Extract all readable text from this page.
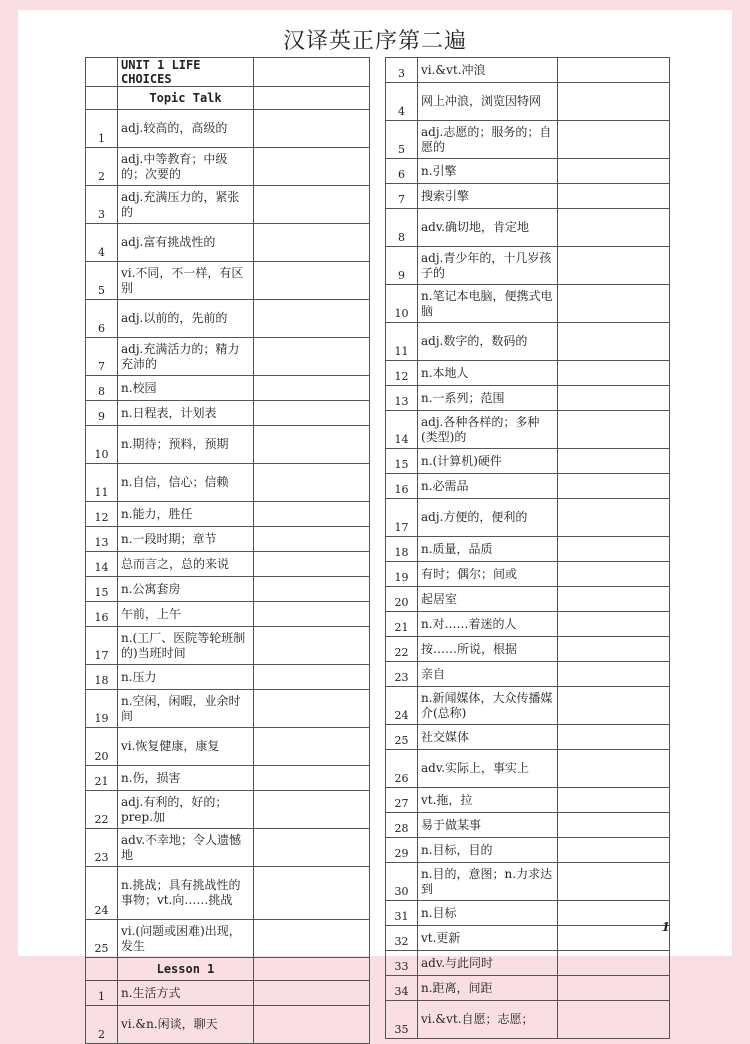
汉译英正序第二遍
	UNIT 1 LIFE CHOICES	
	Topic Talk	
1	adj.较高的，高级的	
2	adj.中等教育；中级的；次要的	
3	adj.充满压力的，紧张的	
4	adj.富有挑战性的	
5	vi.不同，不一样，有区别	
6	adj.以前的，先前的	
7	adj.充满活力的；精力充沛的	
8	n.校园	
9	n.日程表，计划表	
10	n.期待；预料，预期	
11	n.自信，信心；信赖	
12	n.能力，胜任	
13	n.一段时期；章节	
14	总而言之，总的来说	
15	n.公寓套房	
16	午前，上午	
17	n.(工厂、医院等轮班制的)当班时间	
18	n.压力	
19	n.空闲，闲暇，业余时间	
20	vi.恢复健康，康复	
21	n.伤，损害	
22	adj.有利的，好的；prep.加	
23	adv.不幸地；令人遗憾地	
24	n.挑战；具有挑战性的事物；vt.向……挑战	
25	vi.(问题或困难)出现，发生	
	Lesson 1	
1	n.生活方式	
2	vi.&n.闲谈，聊天	
3	vi.&vt.冲浪	
4	网上冲浪，浏览因特网	
5	adj.志愿的；服务的；自愿的	
6	n.引擎	
7	搜索引擎	
8	adv.确切地，肯定地	
9	adj.青少年的，十几岁孩子的	
10	n.笔记本电脑，便携式电脑	
11	adj.数字的，数码的	
12	n.本地人	
13	n.一系列；范围	
14	adj.各种各样的；多种(类型)的	
15	n.(计算机)硬件	
16	n.必需品	
17	adj.方便的，便利的	
18	n.质量，品质	
19	有时；偶尔；间或	
20	起居室	
21	n.对……着迷的人	
22	按……所说，根据	
23	亲自	
24	n.新闻媒体，大众传播媒介(总称)	
25	社交媒体	
26	adv.实际上，事实上	
27	vt.拖，拉	
28	易于做某事	
29	n.目标，目的	
30	n.目的，意图；n.力求达到	
31	n.目标	
32	vt.更新	
33	adv.与此同时	
34	n.距离，间距	
35	vi.&vt.自愿；志愿；	
1
